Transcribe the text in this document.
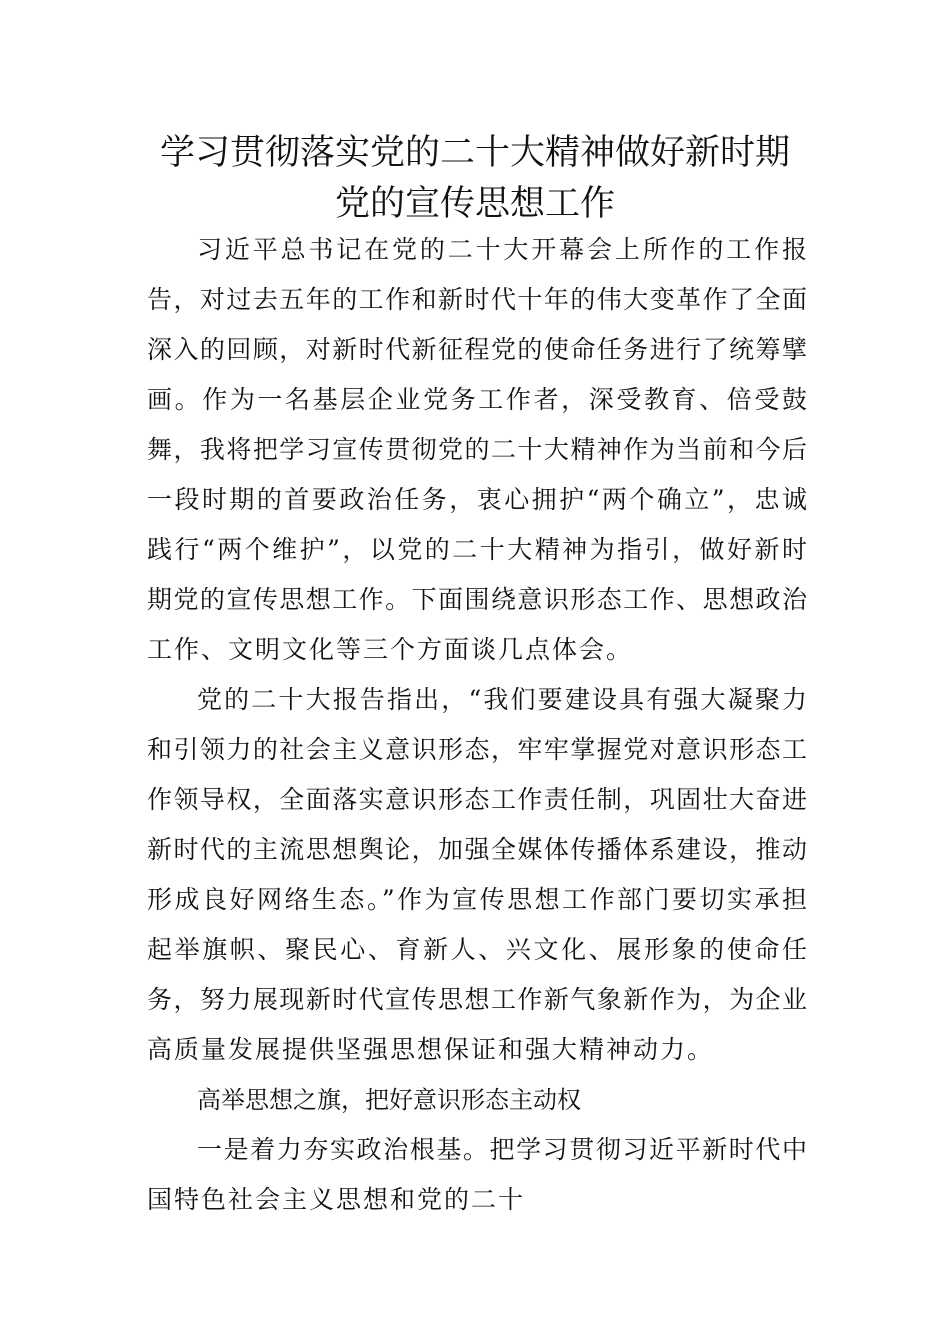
学习贯彻落实党的二十大精神做好新时期
党的宣传思想工作
习近平总书记在党的二十大开幕会上所作的工作报
告，对过去五年的工作和新时代十年的伟大变革作了全面
深入的回顾，对新时代新征程党的使命任务进行了统筹擘
画。作为一名基层企业党务工作者，深受教育、倍受鼓
舞，我将把学习宣传贯彻党的二十大精神作为当前和今后
一段时期的首要政治任务，衷心拥护“两个确立”，忠诚
践行“两个维护”，以党的二十大精神为指引，做好新时
期党的宣传思想工作。下面围绕意识形态工作、思想政治
工作、文明文化等三个方面谈几点体会。
党的二十大报告指出，“我们要建设具有强大凝聚力
和引领力的社会主义意识形态，牢牢掌握党对意识形态工
作领导权，全面落实意识形态工作责任制，巩固壮大奋进
新时代的主流思想舆论，加强全媒体传播体系建设，推动
形成良好网络生态。”作为宣传思想工作部门要切实承担
起举旗帜、聚民心、育新人、兴文化、展形象的使命任
务，努力展现新时代宣传思想工作新气象新作为，为企业
高质量发展提供坚强思想保证和强大精神动力。
高举思想之旗，把好意识形态主动权
一是着力夯实政治根基。把学习贯彻习近平新时代中
国特色社会主义思想和党的二十
